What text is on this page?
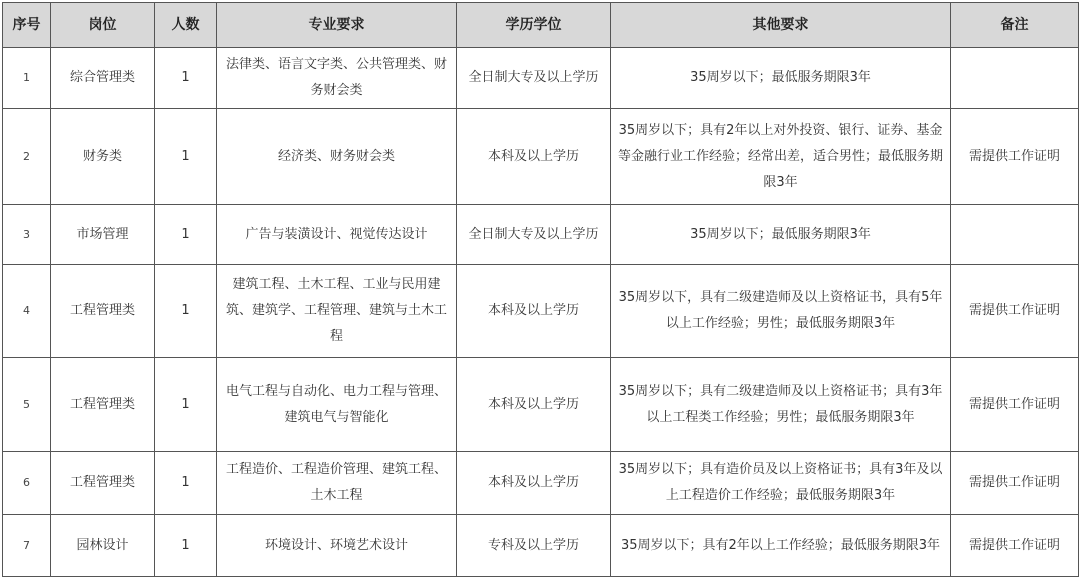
序号	岗位	人数	专业要求	学历学位	其他要求	备注
1	综合管理类	1	法律类、语言文字类、公共管理类、财务财会类	全日制大专及以上学历	35周岁以下；最低服务期限3年	
2	财务类	1	经济类、财务财会类	本科及以上学历	35周岁以下；具有2年以上对外投资、银行、证券、基金等金融行业工作经验；经常出差，适合男性；最低服务期限3年	需提供工作证明
3	市场管理	1	广告与装潢设计、视觉传达设计	全日制大专及以上学历	35周岁以下；最低服务期限3年	
4	工程管理类	1	建筑工程、土木工程、工业与民用建筑、建筑学、工程管理、建筑与土木工程	本科及以上学历	35周岁以下，具有二级建造师及以上资格证书，具有5年以上工作经验；男性；最低服务期限3年	需提供工作证明
5	工程管理类	1	电气工程与自动化、电力工程与管理、建筑电气与智能化	本科及以上学历	35周岁以下；具有二级建造师及以上资格证书；具有3年以上工程类工作经验；男性；最低服务期限3年	需提供工作证明
6	工程管理类	1	工程造价、工程造价管理、建筑工程、土木工程	本科及以上学历	35周岁以下；具有造价员及以上资格证书；具有3年及以上工程造价工作经验；最低服务期限3年	需提供工作证明
7	园林设计	1	环境设计、环境艺术设计	专科及以上学历	35周岁以下；具有2年以上工作经验；最低服务期限3年	需提供工作证明
